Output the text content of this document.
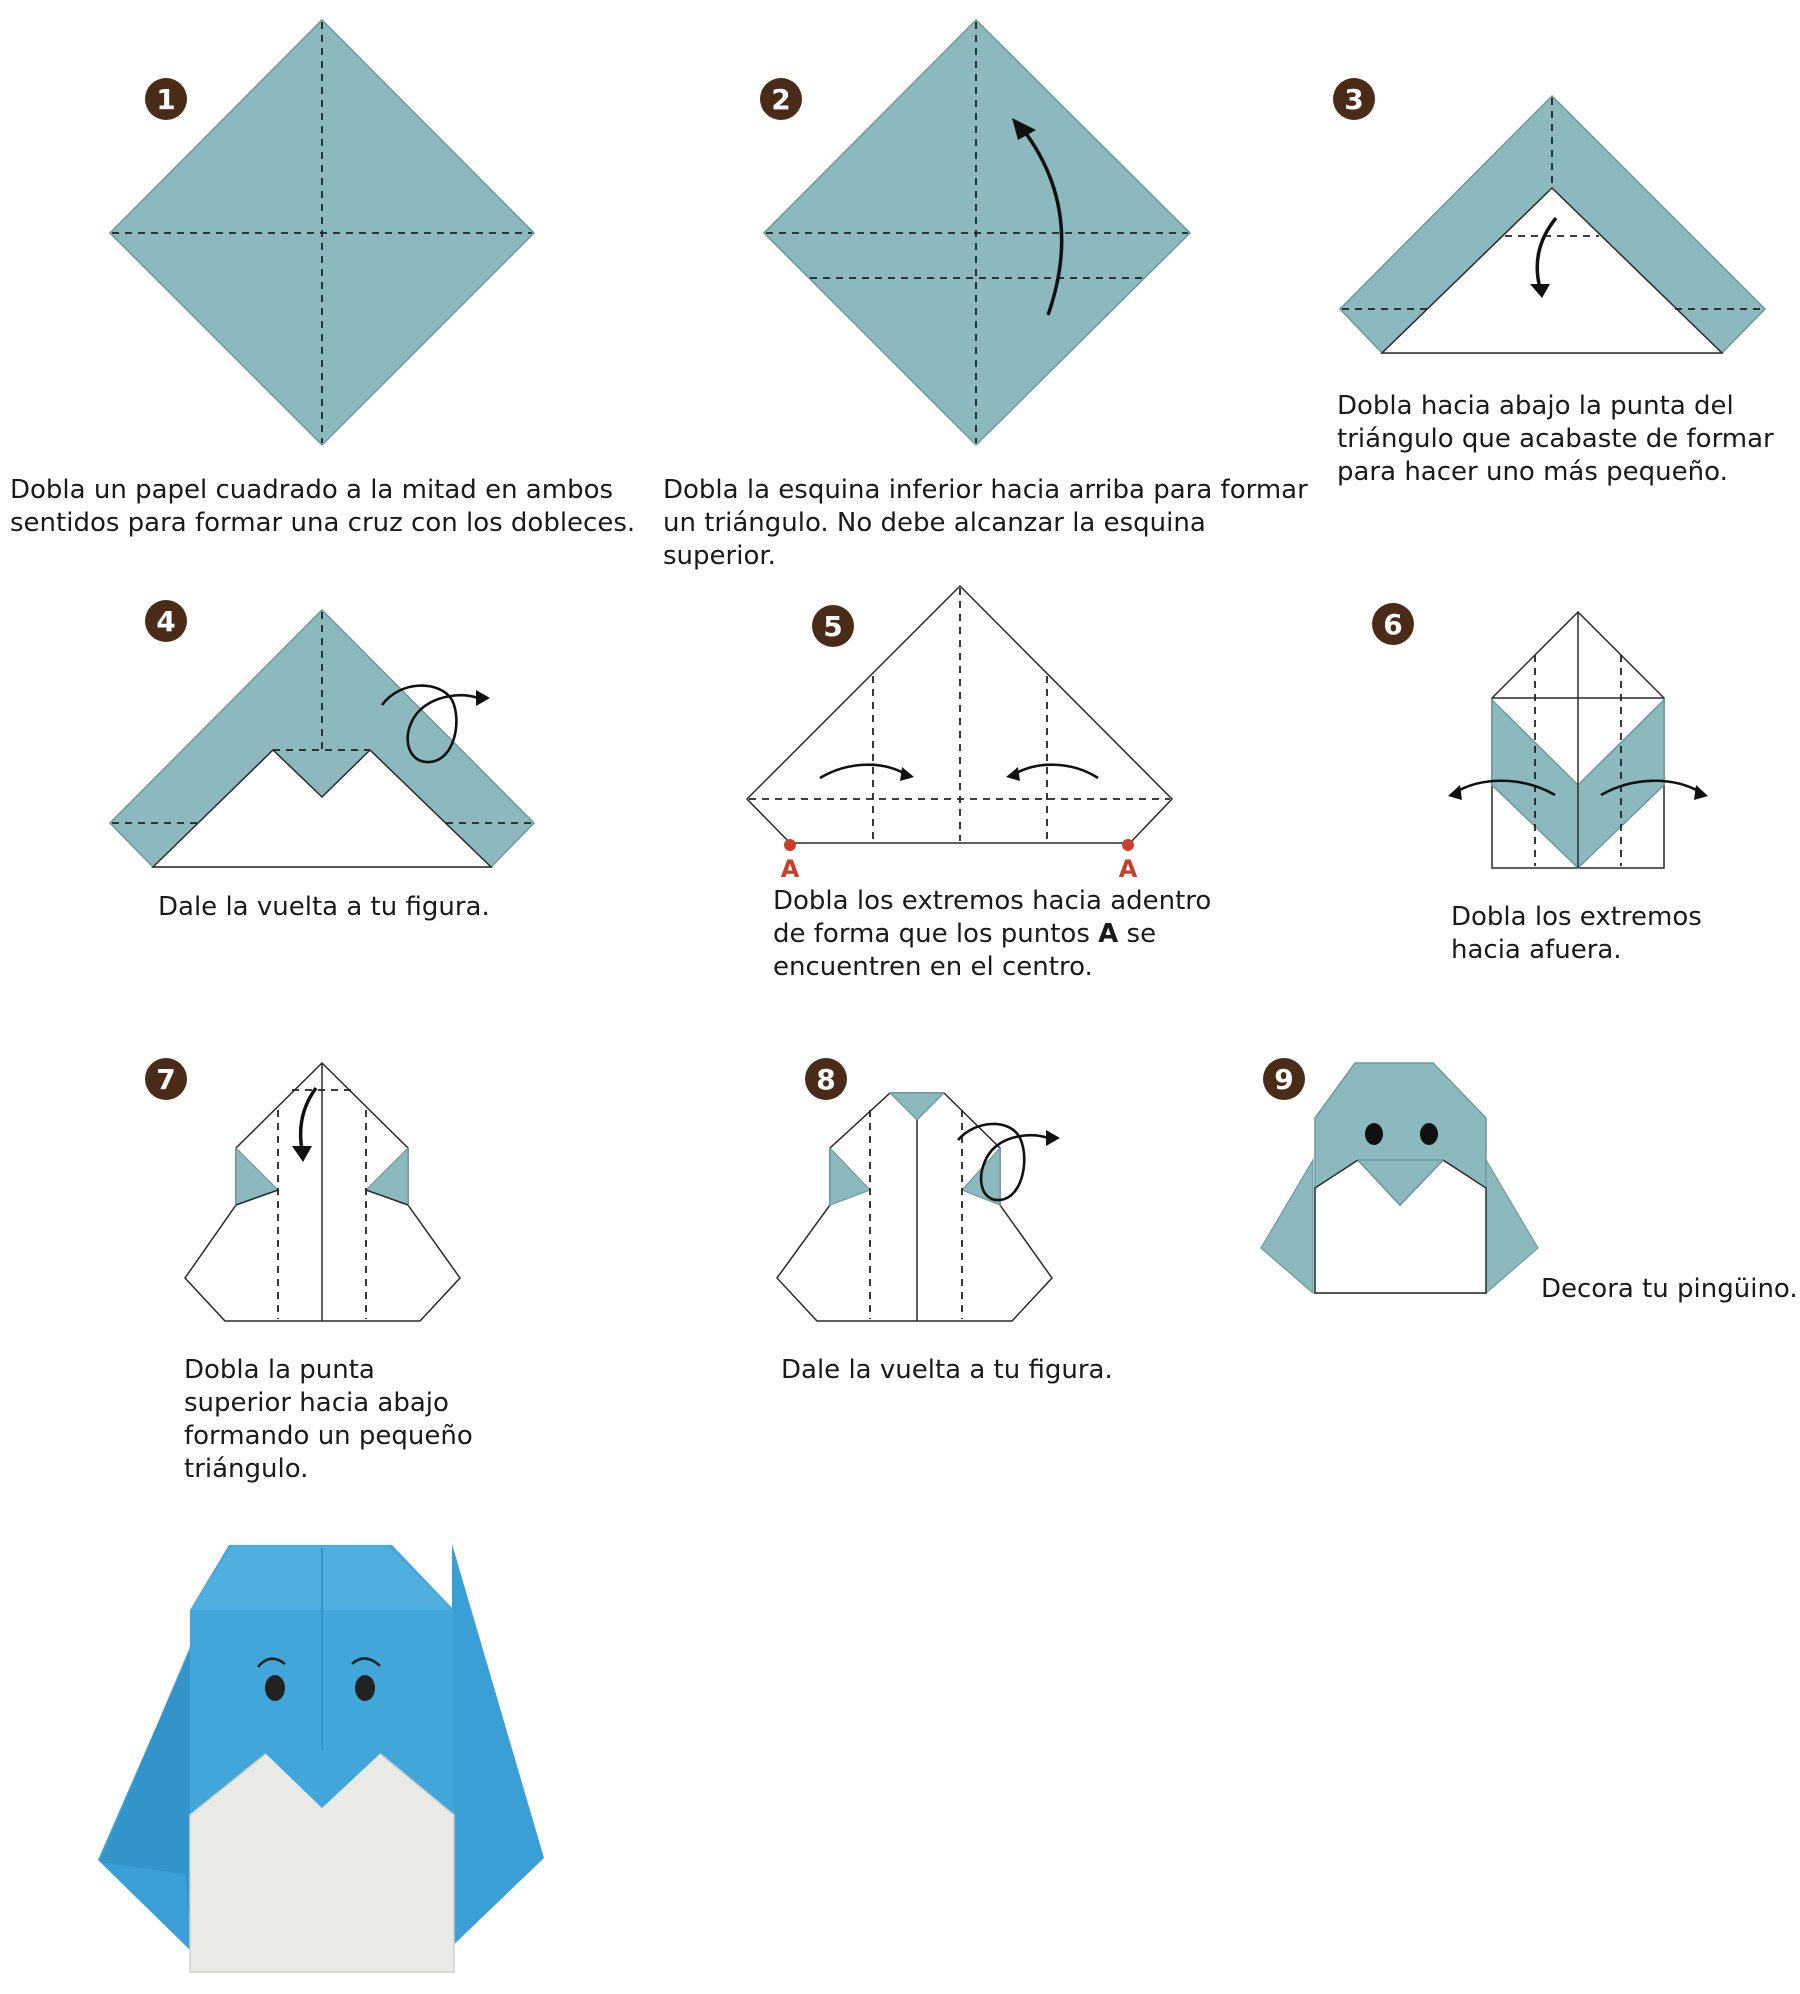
1	2	3
4
A	A
5	6
7	8	9

Dobla un papel cuadrado a la mitad en ambos sentidos para formar una cruz con los dobleces.

Dobla la esquina inferior hacia arriba para formar un triángulo. No debe alcanzar la esquina superior.

Dobla hacia abajo la punta del triángulo que acabaste de formar para hacer uno más pequeño.

Dale la vuelta a tu figura.	Dobla los extremos hacia adentro de forma que los puntos A se encuentren en el centro.

Dobla los extremos hacia afuera.

Dobla la punta superior hacia abajo formando un pequeño triángulo.

Dale la vuelta a tu figura.

Decora tu pingüino.
